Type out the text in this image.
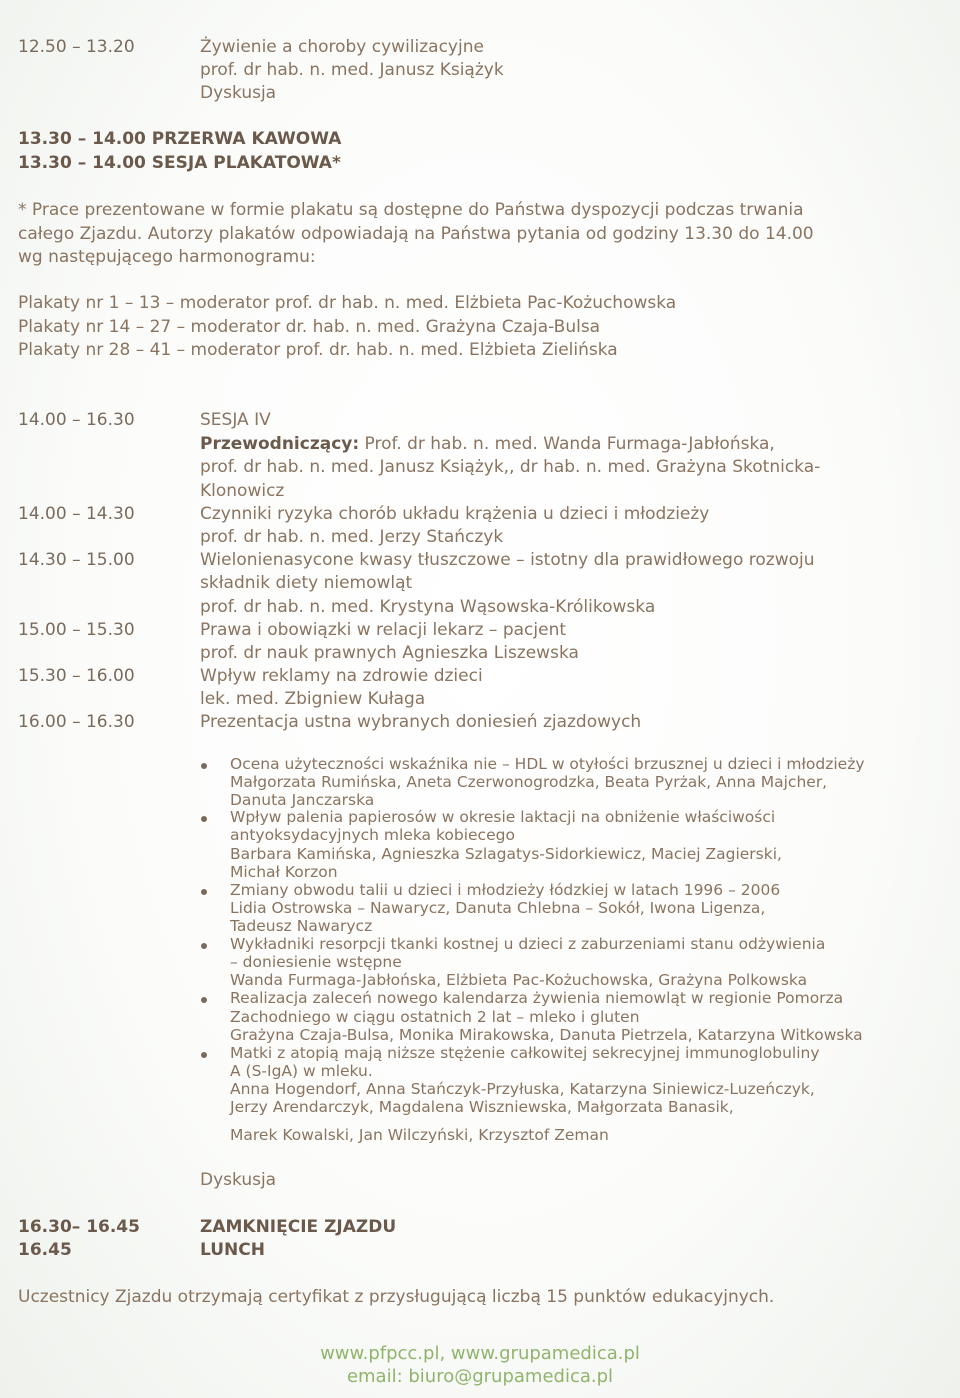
12.50 – 13.20	Żywienie a choroby cywilizacyjne
prof. dr hab. n. med. Janusz Książyk
Dyskusja
13.30 – 14.00 PRZERWA KAWOWA
13.30 – 14.00 SESJA PLAKATOWA*
* Prace prezentowane w formie plakatu są dostępne do Państwa dyspozycji podczas trwania
całego Zjazdu. Autorzy plakatów odpowiadają na Państwa pytania od godziny 13.30 do 14.00
wg następującego harmonogramu:
Plakaty nr 1 – 13 – moderator prof. dr hab. n. med. Elżbieta Pac-Kożuchowska
Plakaty nr 14 – 27 – moderator dr. hab. n. med. Grażyna Czaja-Bulsa
Plakaty nr 28 – 41 – moderator prof. dr. hab. n. med. Elżbieta Zielińska
14.00 – 16.30	SESJA IV
Przewodniczący: Prof. dr hab. n. med. Wanda Furmaga-Jabłońska,
prof. dr hab. n. med. Janusz Książyk,, dr hab. n. med. Grażyna Skotnicka-
Klonowicz
14.00 – 14.30	Czynniki ryzyka chorób układu krążenia u dzieci i młodzieży
prof. dr hab. n. med. Jerzy Stańczyk
14.30 – 15.00	Wielonienasycone kwasy tłuszczowe – istotny dla prawidłowego rozwoju
składnik diety niemowląt
prof. dr hab. n. med. Krystyna Wąsowska-Królikowska
15.00 – 15.30	Prawa i obowiązki w relacji lekarz – pacjent
prof. dr nauk prawnych Agnieszka Liszewska
15.30 – 16.00	Wpływ reklamy na zdrowie dzieci
lek. med. Zbigniew Kułaga
16.00 – 16.30	Prezentacja ustna wybranych doniesień zjazdowych
Ocena użyteczności wskaźnika nie – HDL w otyłości brzusznej u dzieci i młodzieży
Małgorzata Rumińska, Aneta Czerwonogrodzka, Beata Pyrżak, Anna Majcher,
Danuta Janczarska
Wpływ palenia papierosów w okresie laktacji na obniżenie właściwości
antyoksydacyjnych mleka kobiecego
Barbara Kamińska, Agnieszka Szlagatys-Sidorkiewicz, Maciej Zagierski,
Michał Korzon
Zmiany obwodu talii u dzieci i młodzieży łódzkiej w latach 1996 – 2006
Lidia Ostrowska – Nawarycz, Danuta Chlebna – Sokół, Iwona Ligenza,
Tadeusz Nawarycz
Wykładniki resorpcji tkanki kostnej u dzieci z zaburzeniami stanu odżywienia
– doniesienie wstępne
Wanda Furmaga-Jabłońska, Elżbieta Pac-Kożuchowska, Grażyna Polkowska
Realizacja zaleceń nowego kalendarza żywienia niemowląt w regionie Pomorza
Zachodniego w ciągu ostatnich 2 lat – mleko i gluten
Grażyna Czaja-Bulsa, Monika Mirakowska, Danuta Pietrzela, Katarzyna Witkowska
Matki z atopią mają niższe stężenie całkowitej sekrecyjnej immunoglobuliny
A (S-IgA) w mleku.
Anna Hogendorf, Anna Stańczyk-Przyłuska, Katarzyna Siniewicz-Luzeńczyk,
Jerzy Arendarczyk, Magdalena Wiszniewska, Małgorzata Banasik,
Marek Kowalski, Jan Wilczyński, Krzysztof Zeman
Dyskusja
16.30– 16.45	ZAMKNIĘCIE ZJAZDU
16.45	LUNCH
Uczestnicy Zjazdu otrzymają certyfikat z przysługującą liczbą 15 punktów edukacyjnych.
www.pfpcc.pl, www.grupamedica.pl
email: biuro@grupamedica.pl
